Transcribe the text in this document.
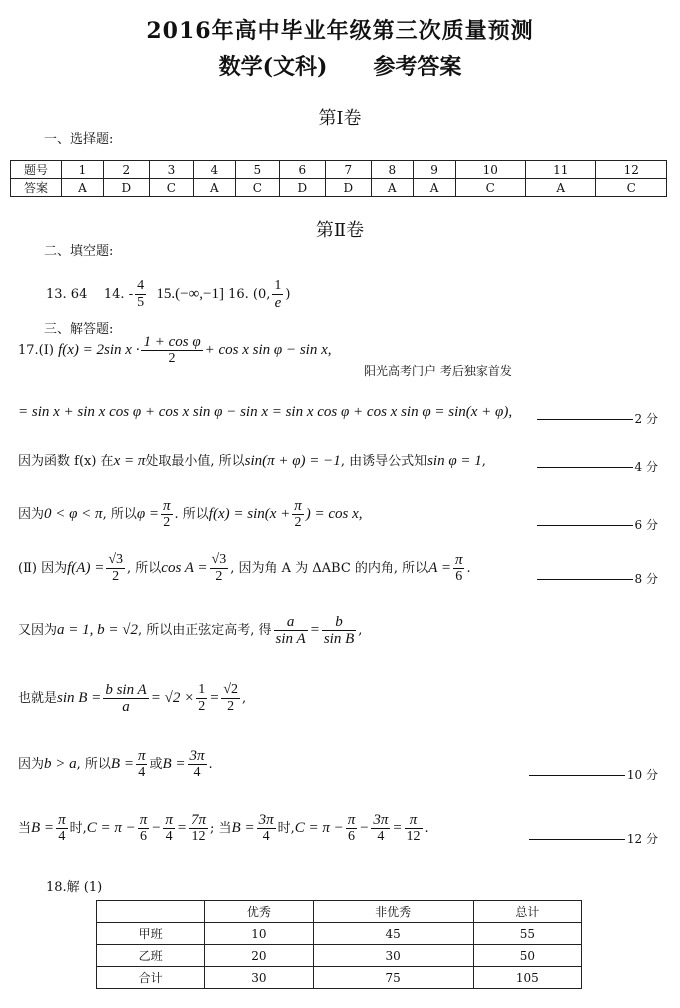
2016年高中毕业年级第三次质量预测
数学(文科) 参考答案
第Ⅰ卷
一、选择题:
题号	1	2	3	4	5	6	7	8	9	10	11	12
答案	A	D	C	A	C	D	D	A	A	C	A	C
第Ⅱ卷
二、填空题:
13. 64 14. - $\frac{4}{5} 15.(-\infty,-1]$ 16. (0, $\frac{1}{e}$ )
三、解答题:
17.(Ⅰ) f(x) = 2sin $x \cdot \frac{\text{1 + cos φ}}{2} + \cos x$ sin φ − sin x,
阳光高考门户 考后独家首发
= sin x + sin x cos φ + cos x sin φ − sin x = sin x cos φ + cos x sin φ = sin(x + φ),	2 分
因为函数 f(x) 在x = π处取最小值, 所以sin(π + φ) = −1, 由诱导公式知sin φ = 1,	4 分
因为0 < φ < π, 所以$\varphi = \frac{\pi}{2}$ . 所以$f(x) = \sin(x + \frac{\pi}{2}$ ) = cos x,
6 分
(Ⅱ) 因为$f(A) = \frac{√3}{2}$ , 所以$\cos A = \frac{√3}{2}$ , 因为角 A 为 ΔABC 的内角, 所以$A = \frac{\pi}{6}$ .
8 分
又因为a = 1, b = √2, 所以由正弦定高考, 得 $\frac{a}{\text{sin A}} = \frac{b}{\text{sin B}}$ ,
也就是$\sin B = \frac{\text{b sin A}}{a} = √2 \times \frac{1}{2} = \frac{√2}{2}$ ,
因为b > a, 所以$B = \frac{\pi}{4}$ 或$B = \frac{3\pi}{4}$ .
10 分
当$B = \frac{\pi}{4}$ 时$,C = \pi - \frac{\pi}{6} - \frac{\pi}{4} = \frac{7\pi}{12}$ ; 当$B = \frac{3\pi}{4}$ 时$,C = \pi - \frac{\pi}{6} - \frac{3\pi}{4} = \frac{\pi}{12}$ .
12 分
18.解 (1)
	优秀	非优秀	总计
甲班	10	45	55
乙班	20	30	50
合计	30	75	105
